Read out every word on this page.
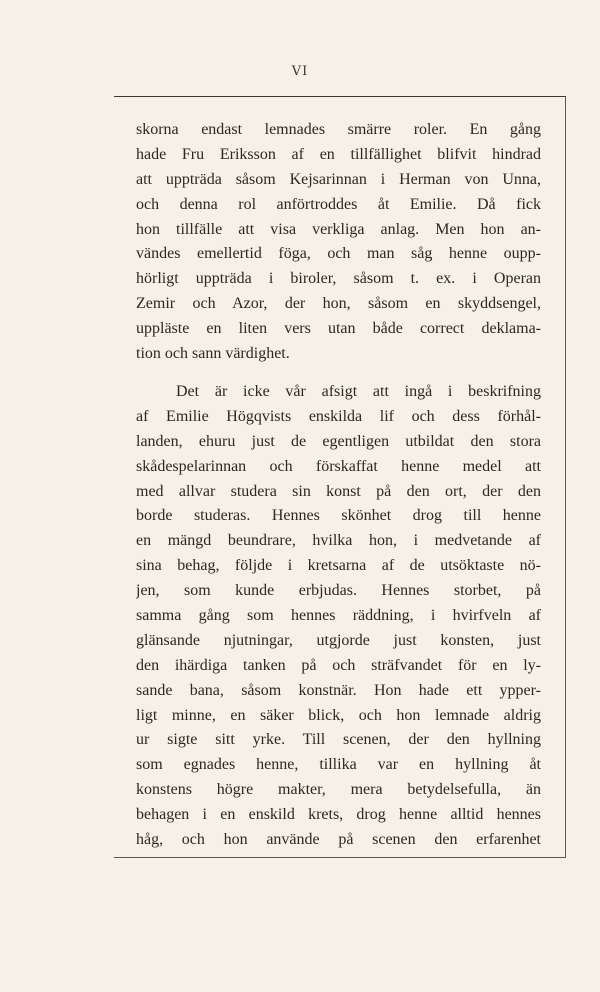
VI
skorna endast lemnades smärre roler. En gång
hade Fru Eriksson af en tillfällighet blifvit hindrad
att uppträda såsom Kejsarinnan i Herman von Unna,
och denna rol anförtroddes åt Emilie. Då fick
hon tillfälle att visa verkliga anlag. Men hon an-
vändes emellertid föga, och man såg henne oupp-
hörligt uppträda i biroler, såsom t. ex. i Operan
Zemir och Azor, der hon, såsom en skyddsengel,
uppläste en liten vers utan både correct deklama-
tion och sann värdighet.
Det är icke vår afsigt att ingå i beskrifning
af Emilie Högqvists enskilda lif och dess förhål-
landen, ehuru just de egentligen utbildat den stora
skådespelarinnan och förskaffat henne medel att
med allvar studera sin konst på den ort, der den
borde studeras. Hennes skönhet drog till henne
en mängd beundrare, hvilka hon, i medvetande af
sina behag, följde i kretsarna af de utsöktaste nö-
jen, som kunde erbjudas. Hennes storbet, på
samma gång som hennes räddning, i hvirfveln af
glänsande njutningar, utgjorde just konsten, just
den ihärdiga tanken på och sträfvandet för en ly-
sande bana, såsom konstnär. Hon hade ett ypper-
ligt minne, en säker blick, och hon lemnade aldrig
ur sigte sitt yrke. Till scenen, der den hyllning
som egnades henne, tillika var en hyllning åt
konstens högre makter, mera betydelsefulla, än
behagen i en enskild krets, drog henne alltid hennes
håg, och hon använde på scenen den erfarenhet
